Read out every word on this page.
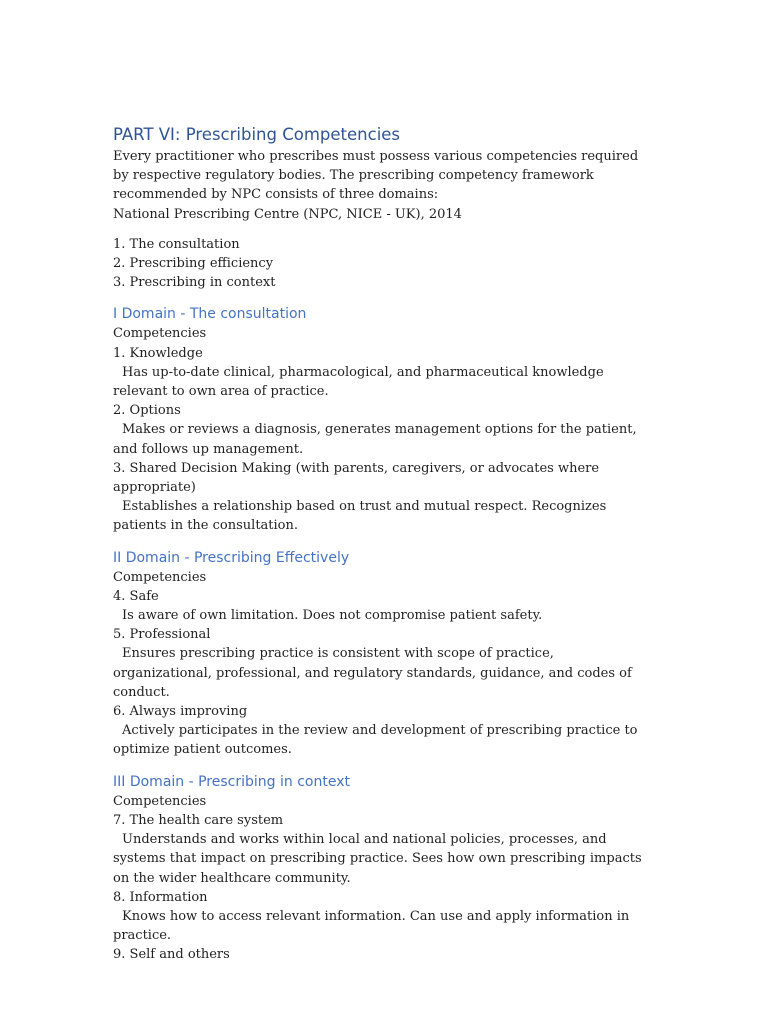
PART VI: Prescribing Competencies

Every practitioner who prescribes must possess various competencies required by respective regulatory bodies. The prescribing competency framework recommended by NPC consists of three domains:

National Prescribing Centre (NPC, NICE - UK), 2014

1. The consultation

2. Prescribing efficiency

3. Prescribing in context

I Domain - The consultation

Competencies

1. Knowledge

Has up-to-date clinical, pharmacological, and pharmaceutical knowledge relevant to own area of practice.

2. Options

Makes or reviews a diagnosis, generates management options for the patient, and follows up management.

3. Shared Decision Making (with parents, caregivers, or advocates where appropriate)

Establishes a relationship based on trust and mutual respect. Recognizes patients in the consultation.

II Domain - Prescribing Effectively

Competencies

4. Safe

Is aware of own limitation. Does not compromise patient safety.

5. Professional

Ensures prescribing practice is consistent with scope of practice, organizational, professional, and regulatory standards, guidance, and codes of conduct.

6. Always improving

Actively participates in the review and development of prescribing practice to optimize patient outcomes.

III Domain - Prescribing in context

Competencies

7. The health care system

Understands and works within local and national policies, processes, and systems that impact on prescribing practice. Sees how own prescribing impacts on the wider healthcare community.

8. Information

Knows how to access relevant information. Can use and apply information in practice.

9. Self and others
